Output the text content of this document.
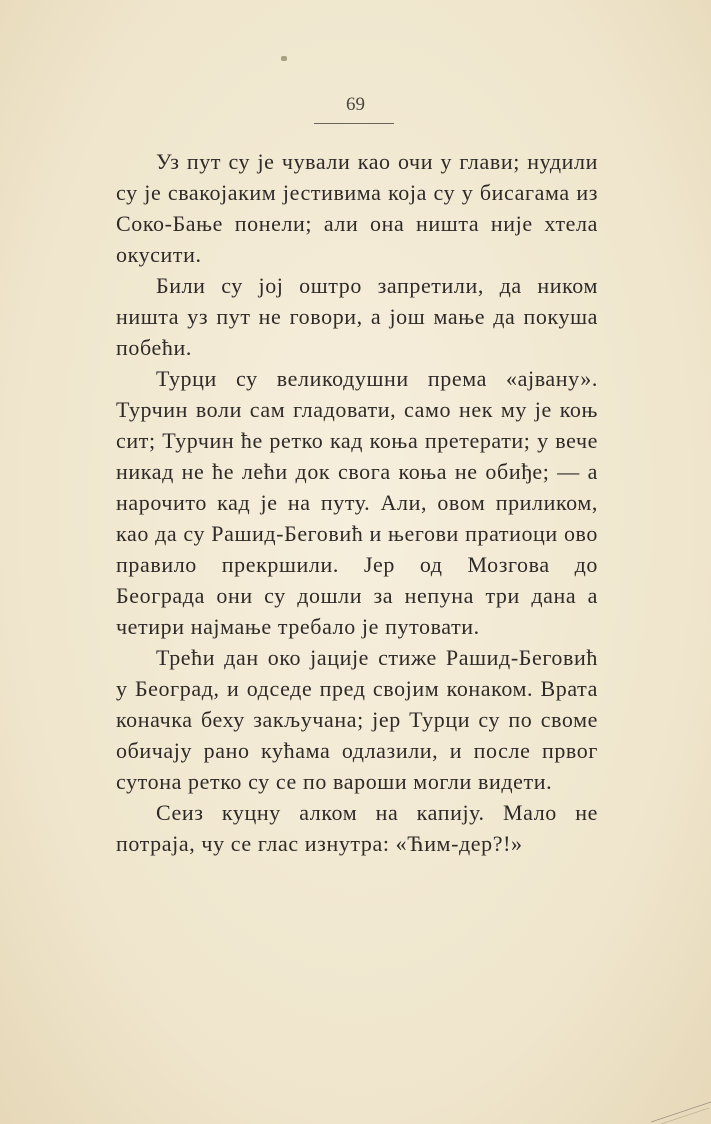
69

Уз пут су је чували као очи у глави; нудили су је свакојаким јестивима која су у бисагама из Соко-Бање понели; али она ништа није хтела окусити.

Били су јој оштро запретили, да ником ништа уз пут не говори, а још мање да покуша побећи.

Турци су великодушни према «ајвану». Турчин воли сам гладовати, само нек му је коњ сит; Турчин ће ретко кад коња претерати; у вече никад не ће лећи док свога коња не обиђе; — а нарочито кад је на путу. Али, овом приликом, као да су Рашид-Беговић и његови пратиоци ово правило прекршили. Јер од Мозгова до Београда они су дошли за непуна три дана а четири најмање требало је путовати.

Трећи дан око јацијe стиже Рашид-Беговић у Београд, и одседе пред својим конаком. Врата коначка беху закључана; јер Турци су по своме обичају рано кућама одлазили, и после првог сутона ретко су се по вароши могли видети.

Сеиз куцну алком на капију. Мало не потраја, чу се глас изнутра: «Ћим-дер?!»
